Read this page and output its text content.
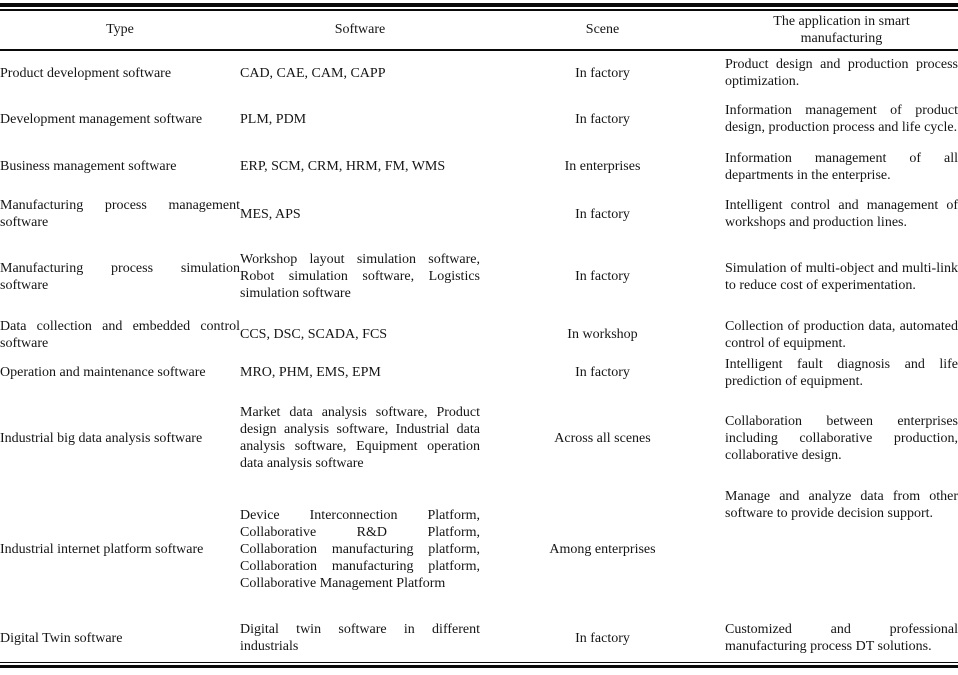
Type	Software	Scene	The application in smart manufacturing
Product development software	CAD, CAE, CAM, CAPP	In factory	Product design and production process optimization.
Development management software	PLM, PDM	In factory	Information management of product design, production process and life cycle.
Business management software	ERP, SCM, CRM, HRM, FM, WMS	In enterprises	Information management of all departments in the enterprise.
Manufacturing process management software	MES, APS	In factory	Intelligent control and management of workshops and production lines.
Manufacturing process simulation software	Workshop layout simulation software, Robot simulation software, Logistics simulation software	In factory	Simulation of multi-object and multi-link to reduce cost of experimentation.
Data collection and embedded control software	CCS, DSC, SCADA, FCS	In workshop	Collection of production data, automated control of equipment.
Operation and maintenance software	MRO, PHM, EMS, EPM	In factory	Intelligent fault diagnosis and life prediction of equipment.
Industrial big data analysis software	Market data analysis software, Product design analysis software, Industrial data analysis software, Equipment operation data analysis software	Across all scenes	Collaboration between enterprises including collaborative production, collaborative design.
Industrial internet platform software	Device Interconnection Platform, Collaborative R&D Platform, Collaboration manufacturing platform, Collaboration manufacturing platform, Collaborative Management Platform	Among enterprises	Manage and analyze data from other software to provide decision support.
Digital Twin software	Digital twin software in different industrials	In factory	Customized and professional manufacturing process DT solutions.
